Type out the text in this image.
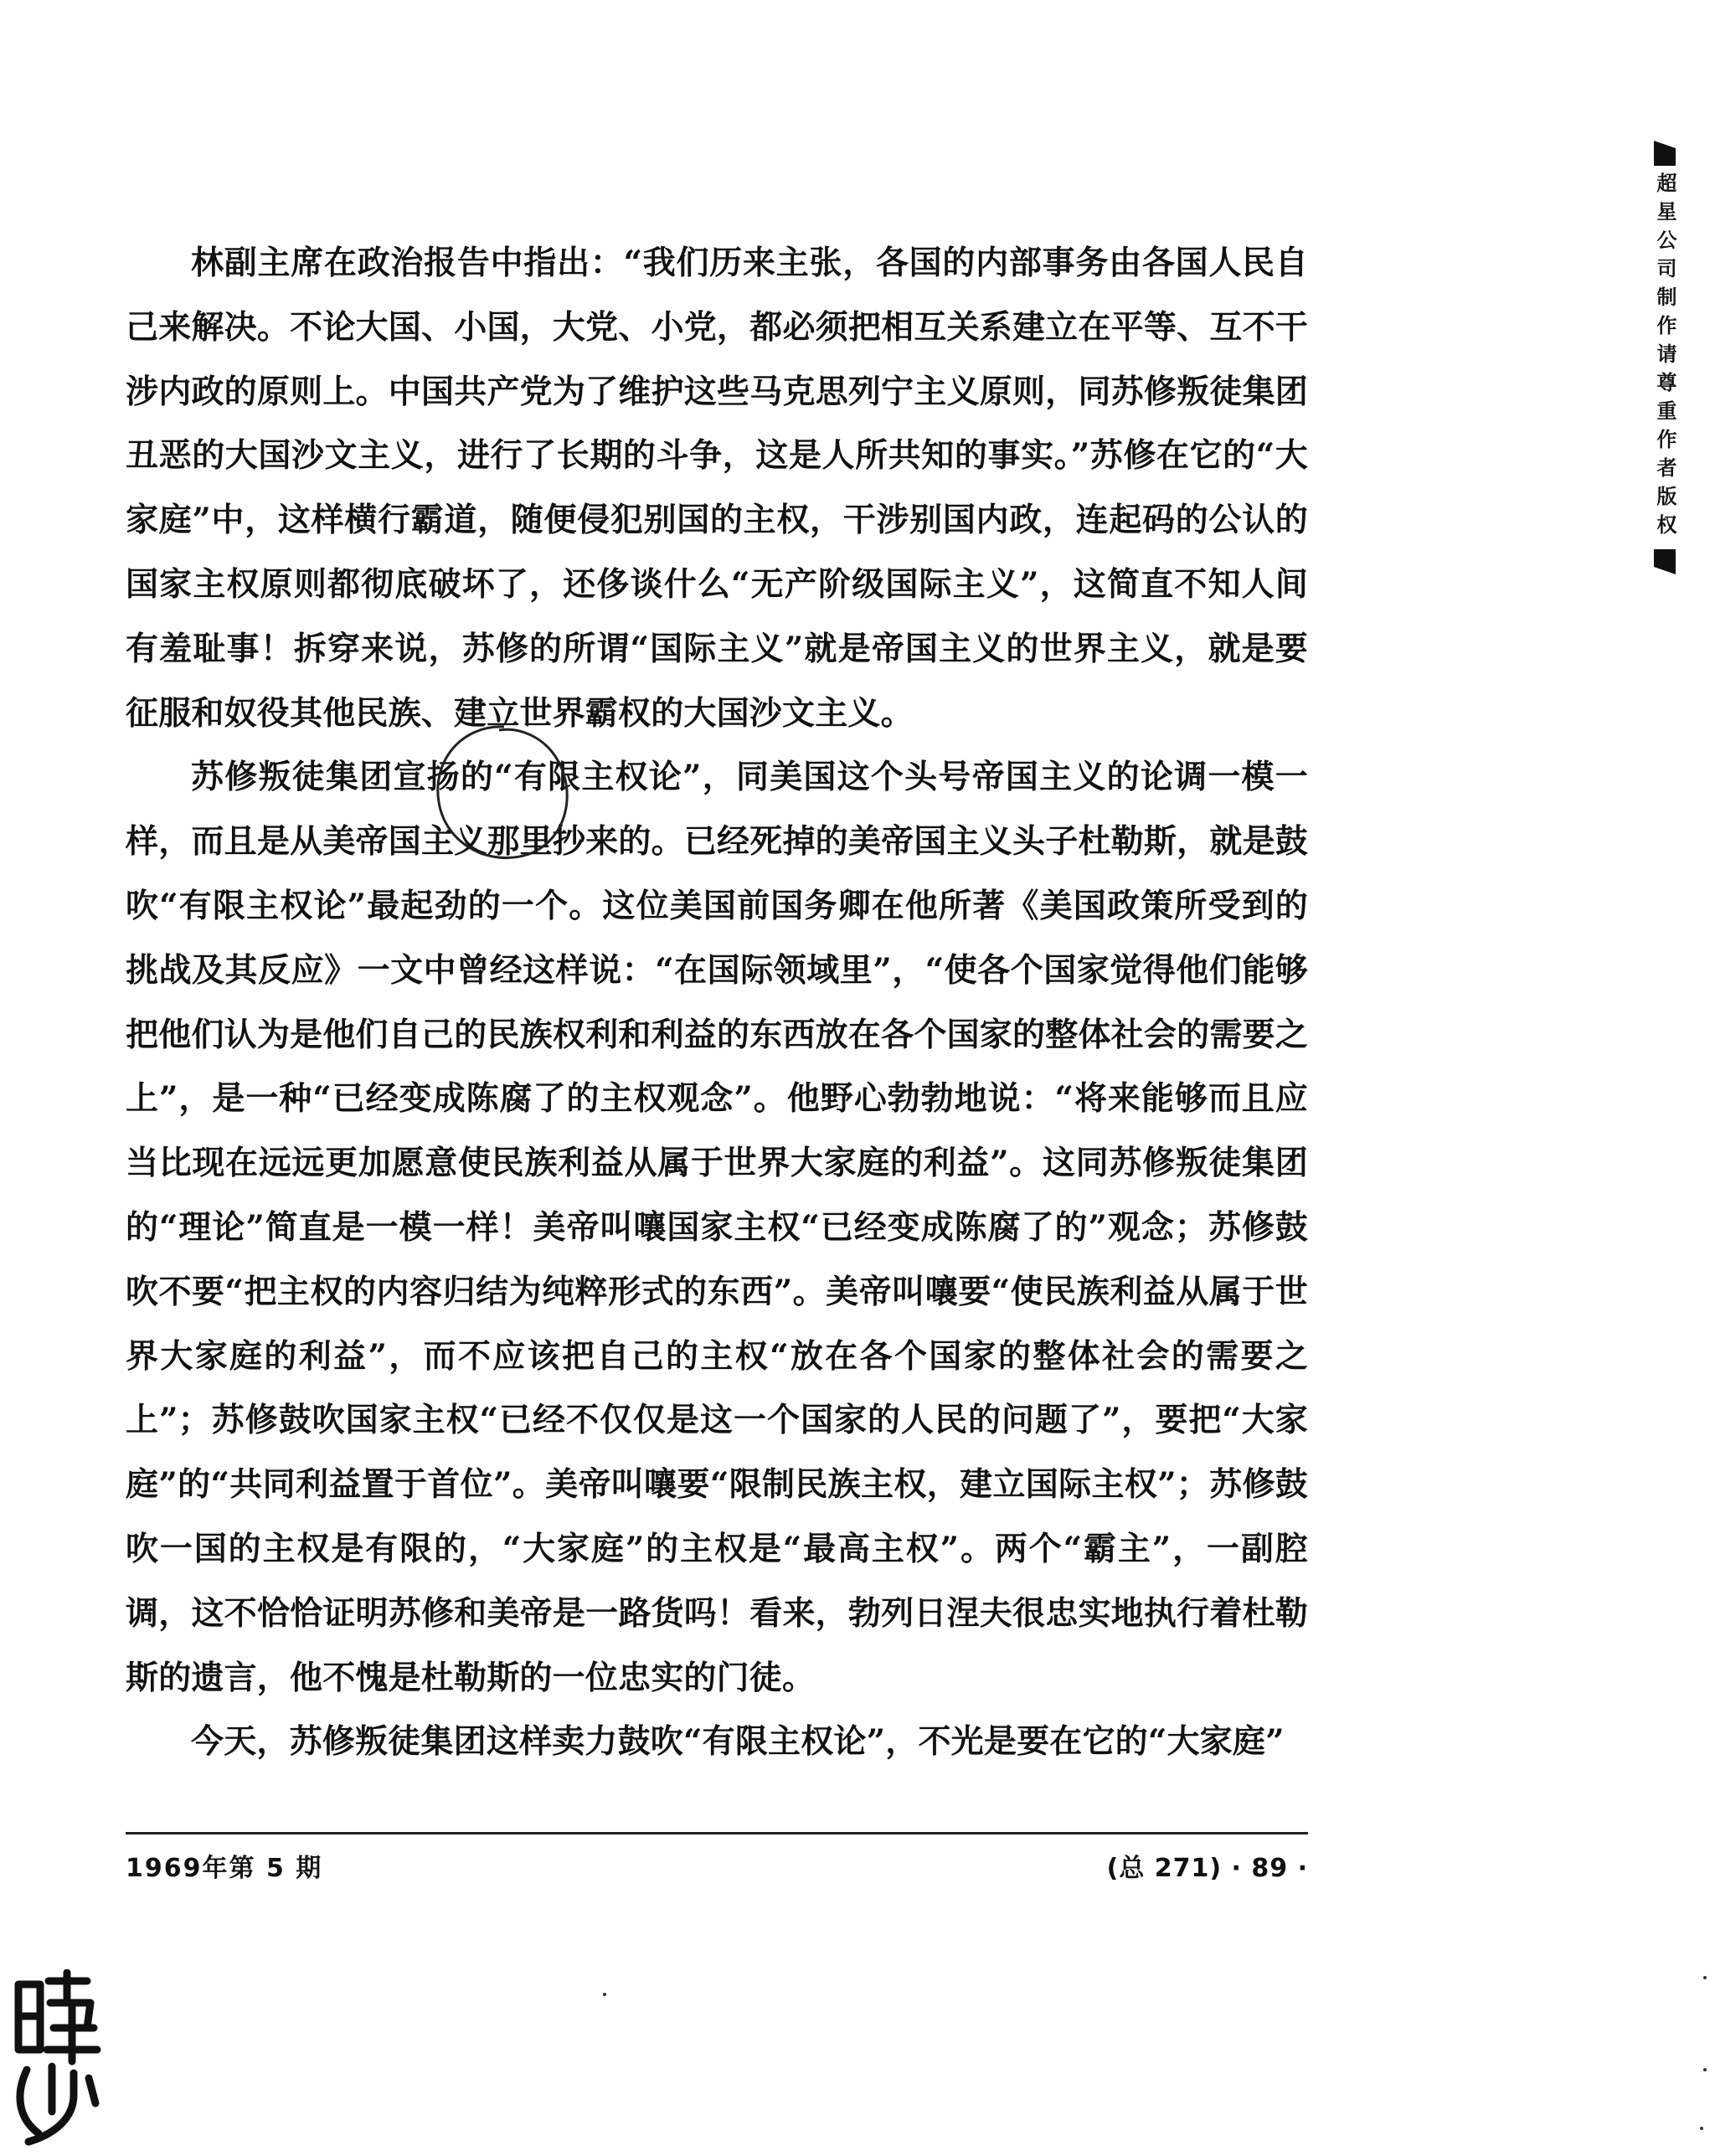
超星公司制作请尊重作者版权

林副主席在政治报告中指出：“我们历来主张，各国的内部事务由各国人民自己来解决。不论大国、小国，大党、小党，都必须把相互关系建立在平等、互不干涉内政的原则上。中国共产党为了维护这些马克思列宁主义原则，同苏修叛徒集团丑恶的大国沙文主义，进行了长期的斗争，这是人所共知的事实。”苏修在它的“大家庭”中，这样横行霸道，随便侵犯别国的主权，干涉别国内政，连起码的公认的国家主权原则都彻底破坏了，还侈谈什么“无产阶级国际主义”，这简直不知人间有羞耻事！拆穿来说，苏修的所谓“国际主义”就是帝国主义的世界主义，就是要征服和奴役其他民族、建立世界霸权的大国沙文主义。

苏修叛徒集团宣扬的“有限主权论”，同美国这个头号帝国主义的论调一模一样，而且是从美帝国主义那里抄来的。已经死掉的美帝国主义头子杜勒斯，就是鼓吹“有限主权论”最起劲的一个。这位美国前国务卿在他所著《美国政策所受到的挑战及其反应》一文中曾经这样说：“在国际领域里”，“使各个国家觉得他们能够把他们认为是他们自己的民族权利和利益的东西放在各个国家的整体社会的需要之上”，是一种“已经变成陈腐了的主权观念”。他野心勃勃地说：“将来能够而且应当比现在远远更加愿意使民族利益从属于世界大家庭的利益”。这同苏修叛徒集团的“理论”简直是一模一样！美帝叫嚷国家主权“已经变成陈腐了的”观念；苏修鼓吹不要“把主权的内容归结为纯粹形式的东西”。美帝叫嚷要“使民族利益从属于世界大家庭的利益”，而不应该把自己的主权“放在各个国家的整体社会的需要之上”；苏修鼓吹国家主权“已经不仅仅是这一个国家的人民的问题了”，要把“大家庭”的“共同利益置于首位”。美帝叫嚷要“限制民族主权，建立国际主权”；苏修鼓吹一国的主权是有限的，“大家庭”的主权是“最高主权”。两个“霸主”，一副腔调，这不恰恰证明苏修和美帝是一路货吗！看来，勃列日涅夫很忠实地执行着杜勒斯的遗言，他不愧是杜勒斯的一位忠实的门徒。

今天，苏修叛徒集团这样卖力鼓吹“有限主权论”，不光是要在它的“大家庭”

1969年第 5 期	(总 271) · 89 ·
